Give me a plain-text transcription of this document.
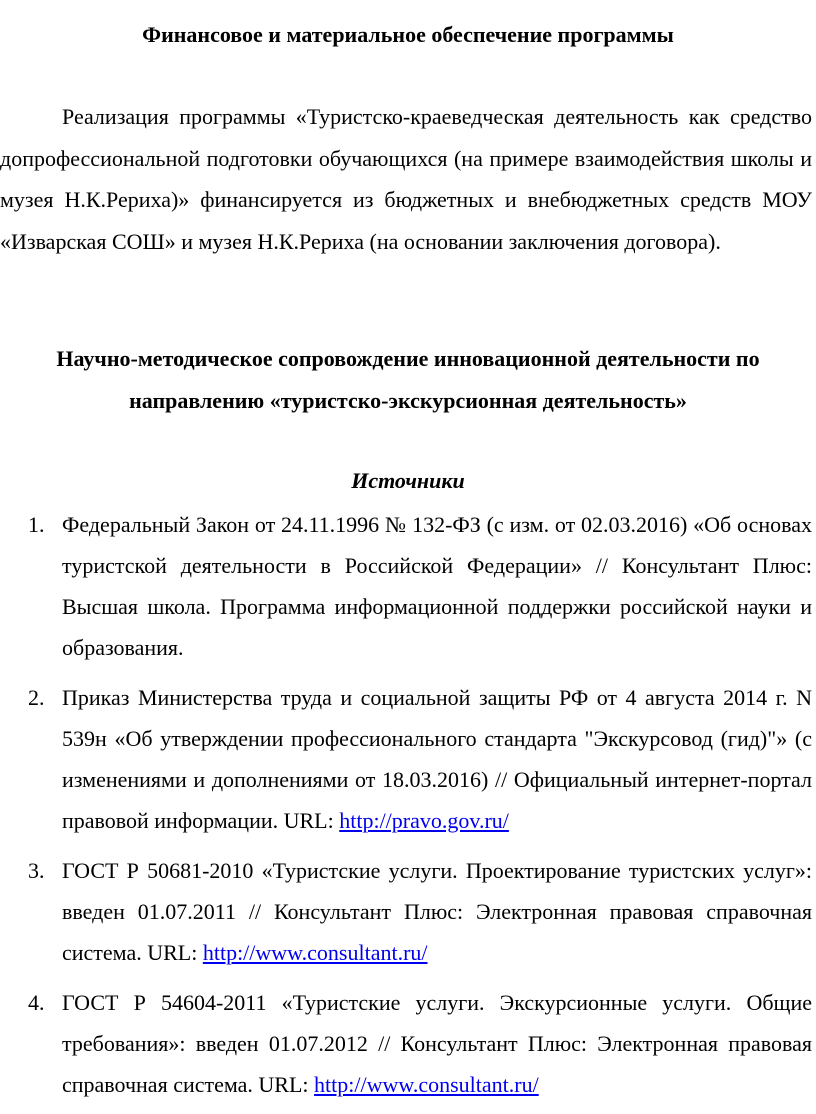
Финансовое и материальное обеспечение программы

Реализация программы «Туристско-краеведческая деятельность как средство допрофессиональной подготовки обучающихся (на примере взаимодействия школы и музея Н.К.Рериха)» финансируется из бюджетных и внебюджетных средств МОУ «Изварская СОШ» и музея Н.К.Рериха (на основании заключения договора).

Научно-методическое сопровождение инновационной деятельности по направлению «туристско-экскурсионная деятельность»
Источники
1. Федеральный Закон от 24.11.1996 № 132-ФЗ (с изм. от 02.03.2016) «Об основах туристской деятельности в Российской Федерации» // Консультант Плюс: Высшая школа. Программа информационной поддержки российской науки и образования.
2. Приказ Министерства труда и социальной защиты РФ от 4 августа 2014 г. N 539н «Об утверждении профессионального стандарта "Экскурсовод (гид)"» (с изменениями и дополнениями от 18.03.2016) // Официальный интернет-портал правовой информации. URL: http://pravo.gov.ru/
3. ГОСТ Р 50681-2010 «Туристские услуги. Проектирование туристских услуг»: введен 01.07.2011 // Консультант Плюс: Электронная правовая справочная система. URL: http://www.consultant.ru/
4. ГОСТ Р 54604-2011 «Туристские услуги. Экскурсионные услуги. Общие требования»: введен 01.07.2012 // Консультант Плюс: Электронная правовая справочная система. URL: http://www.consultant.ru/
